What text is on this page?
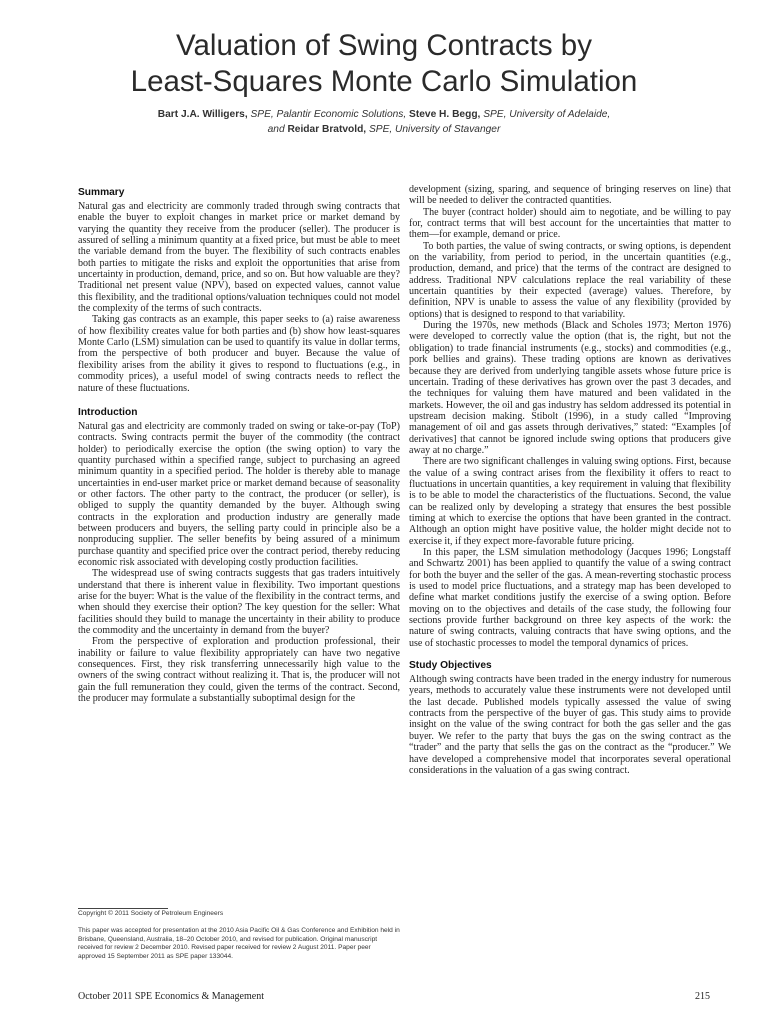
Valuation of Swing Contracts by
Least-Squares Monte Carlo Simulation
Bart J.A. Willigers, SPE, Palantir Economic Solutions, Steve H. Begg, SPE, University of Adelaide,
and Reidar Bratvold, SPE, University of Stavanger
Summary

Natural gas and electricity are commonly traded through swing contracts that enable the buyer to exploit changes in market price or market demand by varying the quantity they receive from the producer (seller). The producer is assured of selling a minimum quantity at a fixed price, but must be able to meet the variable demand from the buyer. The flexibility of such contracts enables both parties to mitigate the risks and exploit the opportunities that arise from uncertainty in production, demand, price, and so on. But how valuable are they? Traditional net present value (NPV), based on expected values, cannot value this flexibility, and the traditional options/valuation techniques could not model the complexity of the terms of such contracts.

Taking gas contracts as an example, this paper seeks to (a) raise awareness of how flexibility creates value for both parties and (b) show how least-squares Monte Carlo (LSM) simulation can be used to quantify its value in dollar terms, from the perspective of both producer and buyer. Because the value of flexibility arises from the ability it gives to respond to fluctuations (e.g., in commodity prices), a useful model of swing contracts needs to reflect the nature of these fluctuations.

Introduction

Natural gas and electricity are commonly traded on swing or take-or-pay (ToP) contracts. Swing contracts permit the buyer of the commodity (the contract holder) to periodically exercise the option (the swing option) to vary the quantity purchased within a specified range, subject to purchasing an agreed minimum quantity in a specified period. The holder is thereby able to manage uncertainties in end-user market price or market demand because of seasonality or other factors. The other party to the contract, the producer (or seller), is obliged to supply the quantity demanded by the buyer. Although swing contracts in the exploration and production industry are generally made between producers and buyers, the selling party could in principle also be a nonproducing supplier. The seller benefits by being assured of a minimum purchase quantity and specified price over the contract period, thereby reducing economic risk associated with developing costly production facilities.

The widespread use of swing contracts suggests that gas traders intuitively understand that there is inherent value in flexibility. Two important questions arise for the buyer: What is the value of the flexibility in the contract terms, and when should they exercise their option? The key question for the seller: What facilities should they build to manage the uncertainty in their ability to produce the commodity and the uncertainty in demand from the buyer?

From the perspective of exploration and production professional, their inability or failure to value flexibility appropriately can have two negative consequences. First, they risk transferring unnecessarily high value to the owners of the swing contract without realizing it. That is, the producer will not gain the full remuneration they could, given the terms of the contract. Second, the producer may formulate a substantially suboptimal design for the

development (sizing, sparing, and sequence of bringing reserves on line) that will be needed to deliver the contracted quantities.

The buyer (contract holder) should aim to negotiate, and be willing to pay for, contract terms that will best account for the uncertainties that matter to them—for example, demand or price.

To both parties, the value of swing contracts, or swing options, is dependent on the variability, from period to period, in the uncertain quantities (e.g., production, demand, and price) that the terms of the contract are designed to address. Traditional NPV calculations replace the real variability of these uncertain quantities by their expected (average) values. Therefore, by definition, NPV is unable to assess the value of any flexibility (provided by options) that is designed to respond to that variability.

During the 1970s, new methods (Black and Scholes 1973; Merton 1976) were developed to correctly value the option (that is, the right, but not the obligation) to trade financial instruments (e.g., stocks) and commodities (e.g., pork bellies and grains). These trading options are known as derivatives because they are derived from underlying tangible assets whose future price is uncertain. Trading of these derivatives has grown over the past 3 decades, and the techniques for valuing them have matured and been validated in the markets. However, the oil and gas industry has seldom addressed its potential in upstream decision making. Stibolt (1996), in a study called “Improving management of oil and gas assets through derivatives,” stated: “Examples [of derivatives] that cannot be ignored include swing options that producers give away at no charge.”

There are two significant challenges in valuing swing options. First, because the value of a swing contract arises from the flexibility it offers to react to fluctuations in uncertain quantities, a key requirement in valuing that flexibility is to be able to model the characteristics of the fluctuations. Second, the value can be realized only by developing a strategy that ensures the best possible timing at which to exercise the options that have been granted in the contract. Although an option might have positive value, the holder might decide not to exercise it, if they expect more-favorable future pricing.

In this paper, the LSM simulation methodology (Jacques 1996; Longstaff and Schwartz 2001) has been applied to quantify the value of a swing contract for both the buyer and the seller of the gas. A mean-reverting stochastic process is used to model price fluctuations, and a strategy map has been developed to define what market conditions justify the exercise of a swing option. Before moving on to the objectives and details of the case study, the following four sections provide further background on three key aspects of the work: the nature of swing contracts, valuing contracts that have swing options, and the use of stochastic processes to model the temporal dynamics of prices.

Study Objectives

Although swing contracts have been traded in the energy industry for numerous years, methods to accurately value these instruments were not developed until the last decade. Published models typically assessed the value of swing contracts from the perspective of the buyer of gas. This study aims to provide insight on the value of the swing contract for both the gas seller and the gas buyer. We refer to the party that buys the gas on the swing contract as the “trader” and the party that sells the gas on the contract as the “producer.” We have developed a comprehensive model that incorporates several operational considerations in the valuation of a gas swing contract.

Copyright © 2011 Society of Petroleum Engineers

This paper was accepted for presentation at the 2010 Asia Pacific Oil & Gas Conference and Exhibition held in Brisbane, Queensland, Australia, 18–20 October 2010, and revised for publication. Original manuscript received for review 2 December 2010. Revised paper received for review 2 August 2011. Paper peer approved 15 September 2011 as SPE paper 133044.

October 2011 SPE Economics & Management	215
